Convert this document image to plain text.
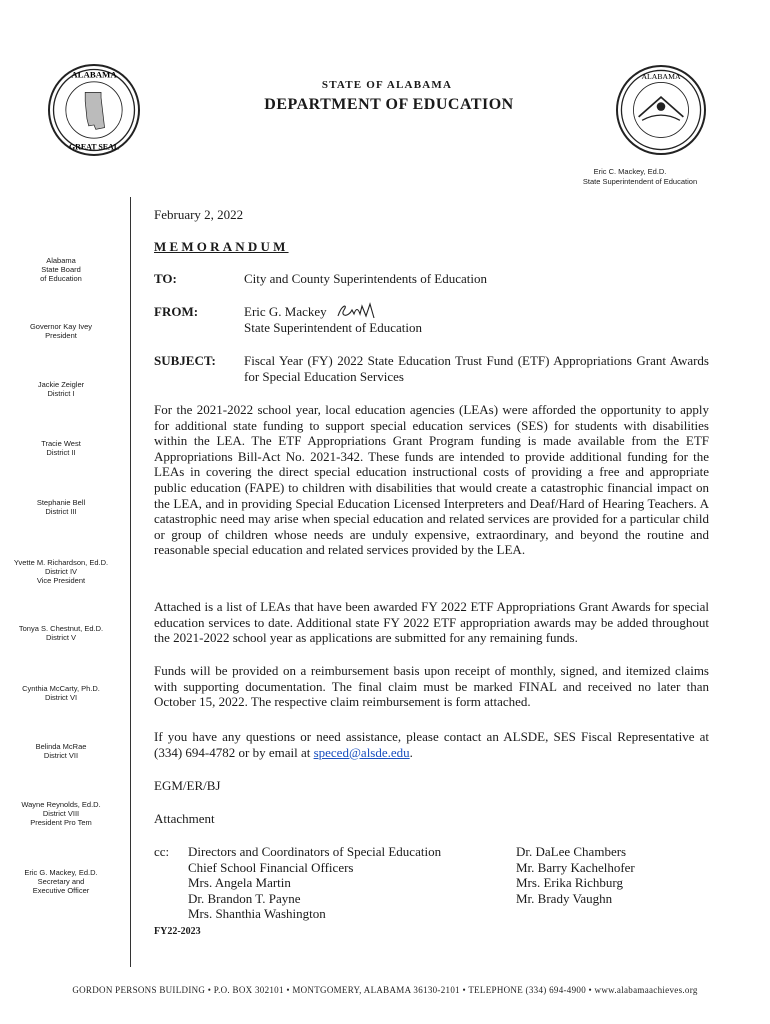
ALABAMA
GREAT SEAL
STATE OF ALABAMA
DEPARTMENT OF EDUCATION
ALABAMA
Eric C. Mackey, Ed.D.
State Superintendent of Education
Alabama
State Board
of Education
Governor Kay Ivey
President
Jackie Zeigler
District I
Tracie West
District II
Stephanie Bell
District III
Yvette M. Richardson, Ed.D.
District IV
Vice President
Tonya S. Chestnut, Ed.D.
District V
Cynthia McCarty, Ph.D.
District VI
Belinda McRae
District VII
Wayne Reynolds, Ed.D.
District VIII
President Pro Tem
Eric G. Mackey, Ed.D.
Secretary and
Executive Officer
February 2, 2022
MEMORANDUM
TO:	City and County Superintendents of Education
FROM:	Eric G. Mackey
State Superintendent of Education
SUBJECT: Fiscal Year (FY) 2022 State Education Trust Fund (ETF) Appropriations Grant Awards for Special Education Services
For the 2021-2022 school year, local education agencies (LEAs) were afforded the opportunity to apply for additional state funding to support special education services (SES) for students with disabilities within the LEA. The ETF Appropriations Grant Program funding is made available from the ETF Appropriations Bill-Act No. 2021-342. These funds are intended to provide additional funding for the LEAs in covering the direct special education instructional costs of providing a free and appropriate public education (FAPE) to children with disabilities that would create a catastrophic financial impact on the LEA, and in providing Special Education Licensed Interpreters and Deaf/Hard of Hearing Teachers. A catastrophic need may arise when special education and related services are provided for a particular child or group of children whose needs are unduly expensive, extraordinary, and beyond the routine and reasonable special education and related services provided by the LEA.
Attached is a list of LEAs that have been awarded FY 2022 ETF Appropriations Grant Awards for special education services to date. Additional state FY 2022 ETF appropriation awards may be added throughout the 2021-2022 school year as applications are submitted for any remaining funds.
Funds will be provided on a reimbursement basis upon receipt of monthly, signed, and itemized claims with supporting documentation. The final claim must be marked FINAL and received no later than October 15, 2022. The respective claim reimbursement is form attached.
If you have any questions or need assistance, please contact an ALSDE, SES Fiscal Representative at (334) 694-4782 or by email at speced@alsde.edu.
EGM/ER/BJ
Attachment
cc: Directors and Coordinators of Special Education
Chief School Financial Officers
Mrs. Angela Martin
Dr. Brandon T. Payne
Mrs. Shanthia Washington
Dr. DaLee Chambers
Mr. Barry Kachelhofer
Mrs. Erika Richburg
Mr. Brady Vaughn
FY22-2023
GORDON PERSONS BUILDING • P.O. BOX 302101 • MONTGOMERY, ALABAMA 36130-2101 • TELEPHONE (334) 694-4900 • www.alabamaachieves.org
